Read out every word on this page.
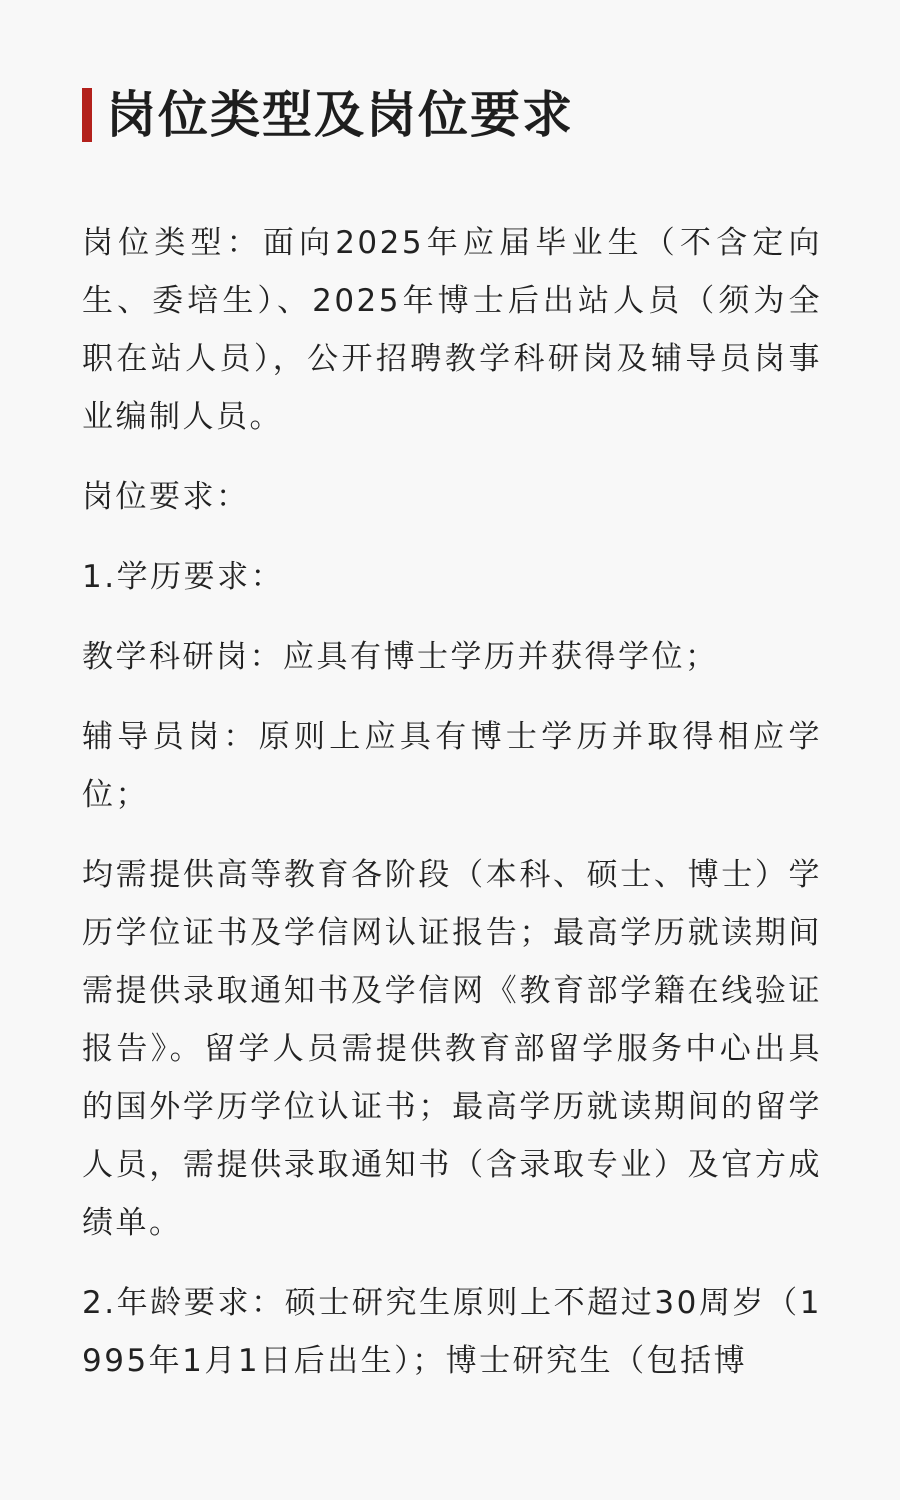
岗位类型及岗位要求

岗位类型：面向2025年应届毕业生（不含定向生、委培生）、2025年博士后出站人员（须为全职在站人员），公开招聘教学科研岗及辅导员岗事业编制人员。

岗位要求：

1.学历要求：

教学科研岗：应具有博士学历并获得学位；

辅导员岗：原则上应具有博士学历并取得相应学位；

均需提供高等教育各阶段（本科、硕士、博士）学历学位证书及学信网认证报告；最高学历就读期间需提供录取通知书及学信网《教育部学籍在线验证报告》。留学人员需提供教育部留学服务中心出具的国外学历学位认证书；最高学历就读期间的留学人员，需提供录取通知书（含录取专业）及官方成绩单。

2.年龄要求：硕士研究生原则上不超过30周岁（1995年1月1日后出生）；博士研究生（包括博
